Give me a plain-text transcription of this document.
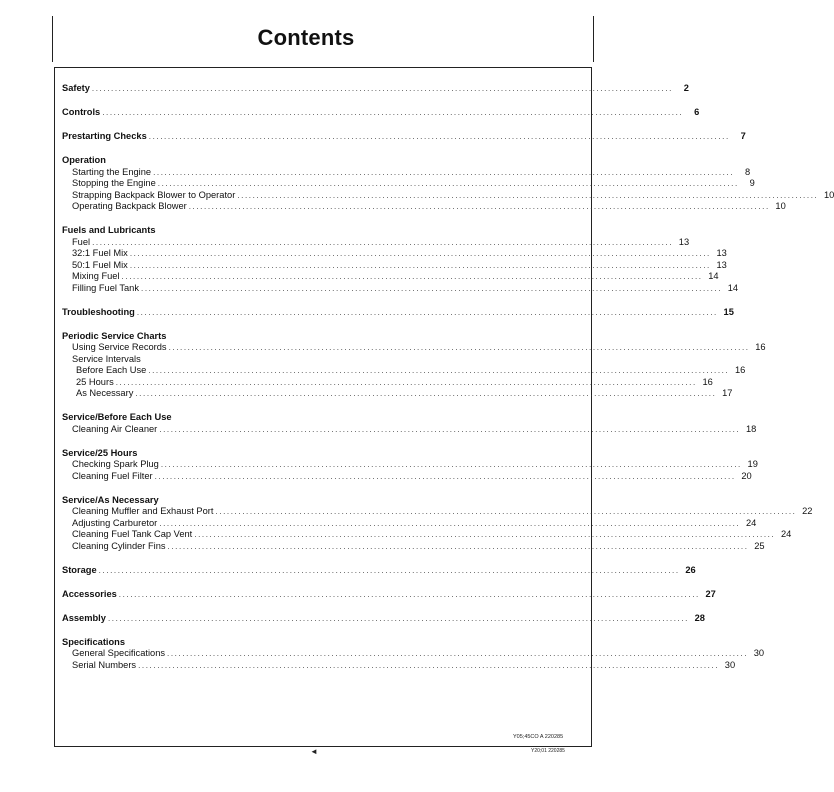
Contents
Safety ........................................................................................................................................................	2
Controls ........................................................................................................................................................	6
Prestarting Checks ........................................................................................................................................................	7
Operation
Starting the Engine ........................................................................................................................................................	8
Stopping the Engine ........................................................................................................................................................	9
Strapping Backpack Blower to Operator ........................................................................................................................................................ 10
Operating Backpack Blower ........................................................................................................................................................ 10
Fuels and Lubricants
Fuel ........................................................................................................................................................ 13
32:1 Fuel Mix ........................................................................................................................................................ 13
50:1 Fuel Mix ........................................................................................................................................................ 13
Mixing Fuel ........................................................................................................................................................ 14
Filling Fuel Tank ........................................................................................................................................................ 14
Troubleshooting ........................................................................................................................................................ 15
Periodic Service Charts
Using Service Records ........................................................................................................................................................ 16
Service Intervals
Before Each Use ........................................................................................................................................................ 16
25 Hours ........................................................................................................................................................ 16
As Necessary ........................................................................................................................................................ 17
Service/Before Each Use
Cleaning Air Cleaner ........................................................................................................................................................ 18
Service/25 Hours
Checking Spark Plug ........................................................................................................................................................ 19
Cleaning Fuel Filter ........................................................................................................................................................ 20
Service/As Necessary
Cleaning Muffler and Exhaust Port ........................................................................................................................................................ 22
Adjusting Carburetor ........................................................................................................................................................ 24
Cleaning Fuel Tank Cap Vent ........................................................................................................................................................ 24
Cleaning Cylinder Fins ........................................................................................................................................................ 25
Storage ........................................................................................................................................................ 26
Accessories ........................................................................................................................................................ 27
Assembly ........................................................................................................................................................ 28
Specifications
General Specifications ........................................................................................................................................................ 30
Serial Numbers ........................................................................................................................................................ 30
Y05;45CO A 220285
◄	Y20;01 220285
